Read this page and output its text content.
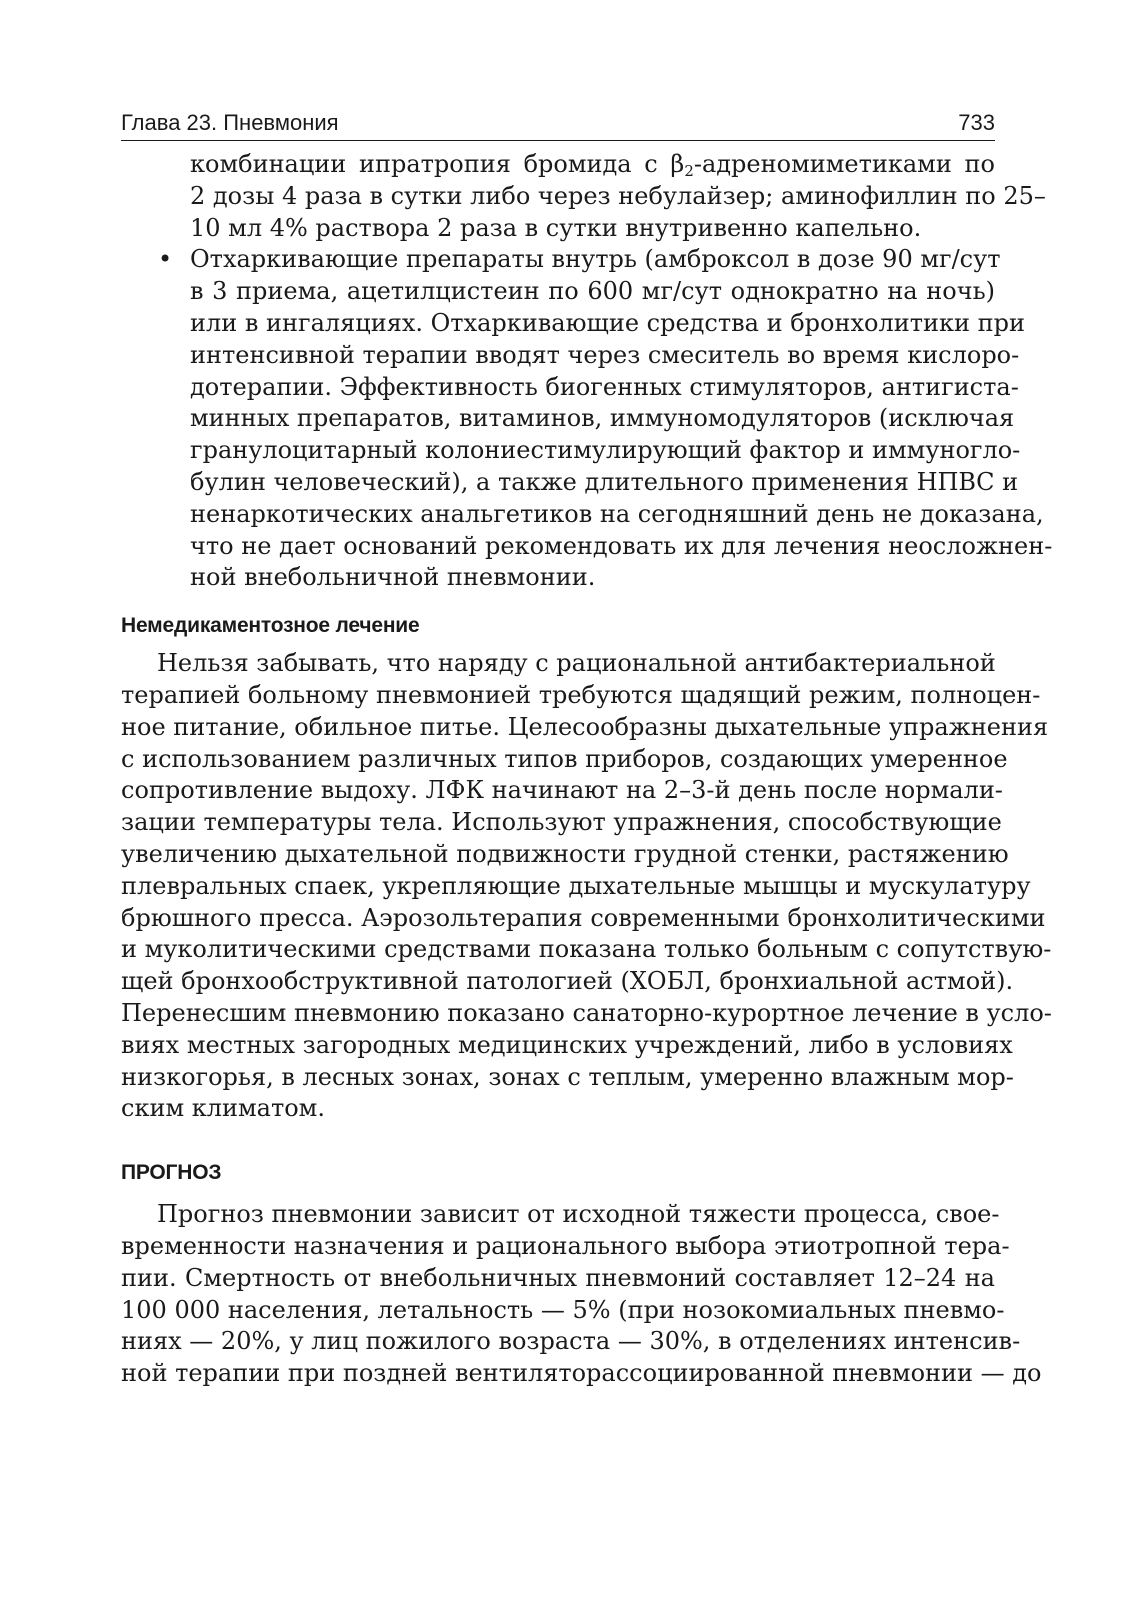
Глава 23. Пневмония	733
комбинации ипратропия бромида с $\beta_2$-адреномиметиками по
2 дозы 4 раза в сутки либо через небулайзер; аминофиллин по 25–
10 мл 4% раствора 2 раза в сутки внутривенно капельно.
• Отхаркивающие препараты внутрь (амброксол в дозе 90 мг/сут
в 3 приема, ацетилцистеин по 600 мг/сут однократно на ночь)
или в ингаляциях. Отхаркивающие средства и бронхолитики при
интенсивной терапии вводят через смеситель во время кислоро-
дотерапии. Эффективность биогенных стимуляторов, антигиста-
минных препаратов, витаминов, иммуномодуляторов (исключая
гранулоцитарный колониестимулирующий фактор и иммуногло-
булин человеческий), а также длительного применения НПВС и
ненаркотических анальгетиков на сегодняшний день не доказана,
что не дает оснований рекомендовать их для лечения неосложнен-
ной внебольничной пневмонии.
Немедикаментозное лечение
Нельзя забывать, что наряду с рациональной антибактериальной
терапией больному пневмонией требуются щадящий режим, полноцен-
ное питание, обильное питье. Целесообразны дыхательные упражнения
с использованием различных типов приборов, создающих умеренное
сопротивление выдоху. ЛФК начинают на 2–3-й день после нормали-
зации температуры тела. Используют упражнения, способствующие
увеличению дыхательной подвижности грудной стенки, растяжению
плевральных спаек, укрепляющие дыхательные мышцы и мускулатуру
брюшного пресса. Аэрозольтерапия современными бронхолитическими
и муколитическими средствами показана только больным с сопутствую-
щей бронхообструктивной патологией (ХОБЛ, бронхиальной астмой).
Перенесшим пневмонию показано санаторно-курортное лечение в усло-
виях местных загородных медицинских учреждений, либо в условиях
низкогорья, в лесных зонах, зонах с теплым, умеренно влажным мор-
ским климатом.
ПРОГНОЗ
Прогноз пневмонии зависит от исходной тяжести процесса, свое-
временности назначения и рационального выбора этиотропной тера-
пии. Смертность от внебольничных пневмоний составляет 12–24 на
100 000 населения, летальность — 5% (при нозокомиальных пневмо-
ниях — 20%, у лиц пожилого возраста — 30%, в отделениях интенсив-
ной терапии при поздней вентиляторассоциированной пневмонии — до
